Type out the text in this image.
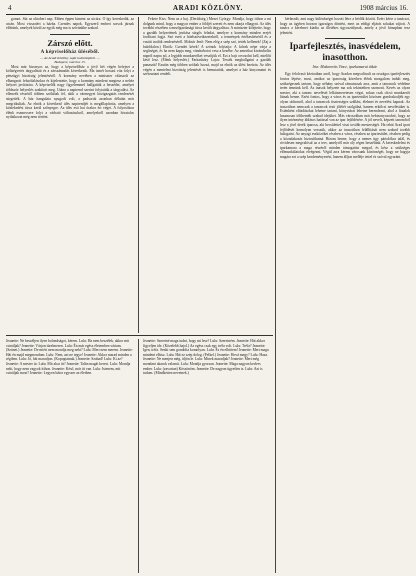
4	ARADI KÖZLÖNY.	1908 március 16.

gomot. Süt az oktoberi nap. Ebben éppen kiment az utcára. Ő így kereskedik, az utcán. Most visszatért a házba. Csendes napok. Egyszerű emberi sorsok járnak előttünk, amelyek közül az egyik még ma is szívünkbe szakad.

Zárszó előtt.
A képviselőház üléséből.
— Az Aradi Közlöny saját tudósítójától. —
Budapest, március 15.

Most már bizonyos az, hogy a képviselőház a jövő hét végén befejezi a költségvetés tárgyalását és a zárszámadás következik. Ma ismét hosszú vita folyt a pénzügyi bizottság jelentéséről. A kormány nevében a miniszter válaszolt az elhangzott felszólalásokra és kijelentette, hogy a kormány mindent megtesz a nehéz helyzet javítására. A képviselők nagy figyelemmel hallgatták a beszédet, amelyet többször helyeslés szakított meg. Utána a napirend szerint folytatták a tárgyalást. Az ellenzék részéről többen szólaltak fel, akik a vármegyei közigazgatás rendezését sürgették. A ház hangulata nyugodt volt, a padsorok azonban délután már megritkultak. Az elnök a következő ülés napirendjét is megállapította, amelyen a közlekedési tárca kerül szőnyegre. Az ülés esti hat órakor ért véget. A folyosókon élénk eszmecsere folyt a várható változásokról, amelyekről azonban hivatalos nyilatkozat még nem történt.

Fekete Kiss: Nem az a baj. (Derültség.) Mezei György: Mondja, hogy itthon a mi dolgunk mind, hogy a magyar ember a földjét szereti és nem akarja elhagyni. Az ülés további részében a mezőgazdasági tárca került tárgyalásra. A miniszter kifejtette, hogy a gazdák helyzetének javítása sürgős feladat, amelyre a kormány minden erejét fordítani fogja. Szó esett a hitelszövetkezetekről, a termények értékesítéséről és a vasúti tarifák rendezéséről. Molnár Jenő: Nem elég a szép szó, tettek kellenek! (Zaj a baloldalon.) Elnök: Csendet kérek! A szónok folytatja: A falvak népe várja a segítséget, és ha nem kapja meg, vándorbotot vesz a kezébe. Az amerikai kivándorlás napról napra nő, a legjobb munkaerőket veszítjük el. Ezt a bajt orvosolni kell, mielőtt késő lesz. (Élénk helyeslés.) Farkasházy Lajos: Tessék meghallgatni a gazdák panaszát! Ezután még többen szóltak hozzá, majd az elnök az ülést bezárta. Az ülés végén a mentelmi bizottság jelentését is bemutatták, amelyet a ház kinyomatni és szétosztani rendelt.

bérbeadó, ami nagy különbséget hozott létre a bérlők között. Ezért kérte a tanácsot, hogy az ügyben hozzon igazságos döntést, mert az eddigi eljárás sokakat sújtott. A tanács a kérelmet kiadta az illetékes ügyosztálynak, amely a jövő hónapban tesz jelentést.

Iparfejlesztés, inasvédelem, inasotthon.
Irta: Makarovits Vince, iparkamarai titkár.

Egy felolvasó kéziratban arról, hogy Aradon megvalósult az országos iparfejlesztés fontos lépése, most, amikor az iparosság köreiben élénk mozgalom indult meg, szükségesnek tartom, hogy néhány szóval rámutassak arra, amit a tanoncok védelme terén tennünk kell. Az inasok helyzete ma sok tekintetben szomorú. Kevés az olyan mester, aki a tanonc nevelését lelkiismeretesen végzi, sokan csak olcsó munkaerőt látnak benne. Ezért fontos, hogy a város és az ipartestület közösen gondoskodjék egy olyan otthonról, ahol a tanoncok tisztességes szállást, élelmet és nevelést kapnak. Az inasotthon nemcsak a tanoncok testi jólétét szolgálná, hanem erkölcsi nevelésüket is. Esténként előadásokat lehetne tartani, könyvtárat lehetne berendezni, ahol a fiatalok hasznosan tölthetnék szabad idejüket. Más városokban már bebizonyosodott, hogy az ilyen intézmény áldásos hatással van az ipar fejlődésére. A jól nevelt, képzett tanoncból lesz a jövő derék iparosa, aki becsülettel viszi tovább mesterségét. Ha tehát Arad ipari fejlődését komolyan vesszük, akkor az inasotthon felállítását nem szabad tovább halogatni. Az anyagi eszközöket részben a város, részben az ipartestület, részben pedig a közadakozás biztosíthatná. Bízom benne, hogy a nemes ügy pártolókra talál, és rövidesen megvalósul az a terv, amelyről már oly régen beszélünk. A kereskedelmi és iparkamara a maga részéről minden támogatást megad, és kész a szükséges előmunkálatokat elvégezni. Végül arra kérem városunk közönségét, hogy ne hagyja magára ezt a szép kezdeményezést, hanem álljon melléje tettel és szóval egyaránt.

Jeanette: Ne beszéljen ilyen bolondságot, kérem. Lulu: Ha nem beszélek, akkor mit csináljak? Jeanette: Várjon türelmesen. Lulu: Én már egész életemben vártam. (Szünet.) Jeanette: De miért nem mondja meg neki? Lulu: Mert nem merem. Jeanette: Hát én majd megmondom. Lulu: Nem, azt ne tegye! Jeanette: Akkor marad minden a régiben. Lulu: Jó, hát maradjon. (Kopogtatnak.) Jeanette: Szabad! Lulu: Ki az? Jeanette: A mester úr. Lulu: Mit akar itt? Jeanette: Talán magát keresi. Lulu: Mondja neki, hogy nem vagyok itthon. Jeanette: Késő, már itt van. Lulu: Istenem, mit csináljak most? Jeanette: Legyen bátor egyszer az életben.

Jeanette: Szeretné maga tudni, hogy mi lesz? Lulu: Szeretném. Jeanette: Hát akkor figyeljen ide. (Közelebb hajol.) Az egész csak egy tréfa volt. Lulu: Tréfa? Jeanette: Igen, tréfa. Senki sem gondolta komolyan. Lulu: És én elhittem! Jeanette: Mert maga mindent elhisz. Lulu: Hát ez szép dolog. (Felkel.) Jeanette: Hová megy? Lulu: Haza. Jeanette: Ne menjen még, üljön le. Lulu: Minek maradjak? Jeanette: Mert még mondani akarok valamit. Lulu: Mondja gyorsan. Jeanette: Maga nagyon kedves ember. Lulu: (zavartan) Köszönöm. Jeanette: De nagyon ügyetlen is. Lulu: Azt is tudom. (Mindketten nevetnek.)
